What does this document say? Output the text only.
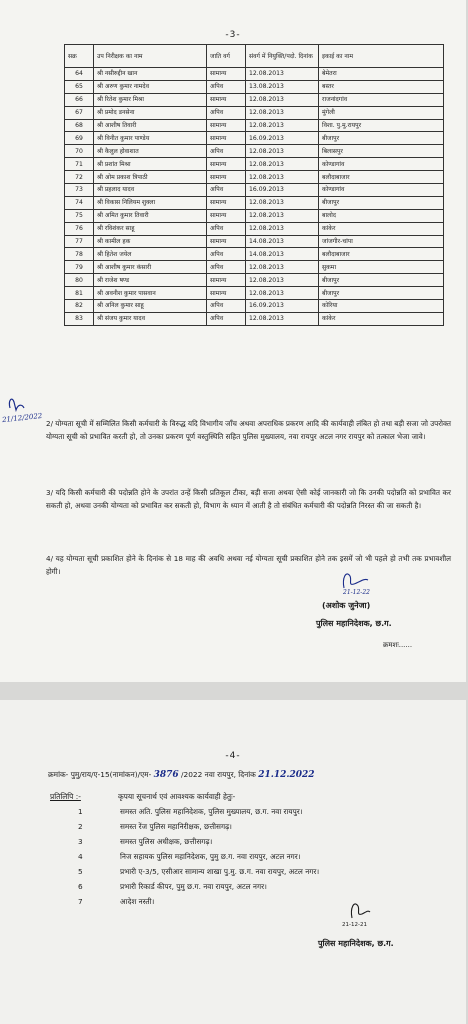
-3-
सक्र	उप निरीक्षक का नाम	जाति वर्ग	संवर्ग में नियुक्ति/पदो. दिनांक	इकाई का नाम
64	श्री नसीरुद्दीन खान	सामान्य	12.08.2013	बेमेतरा
65	श्री अरुण कुमार नामदेव	अपिव	13.08.2013	बस्तर
66	श्री रितेश कुमार मिश्रा	सामान्य	12.08.2013	राजनांदगांव
67	श्री प्रमोद डनसेना	अपिव	12.08.2013	मुंगेली
68	श्री आशीष तिवारी	सामान्य	12.08.2013	विशा. पु.मु.रायपुर
69	श्री विनीत कुमार पाण्डेय	सामान्य	16.09.2013	बीजापुर
70	श्री कैलुल होवाशात	अपिव	12.08.2013	बिलासपुर
71	श्री प्रशांत मिश्रा	सामान्य	12.08.2013	कोण्डागांव
72	श्री ओम प्रकाश त्रिपाठी	सामान्य	12.08.2013	बलौदाबाजार
73	श्री प्रहलाद यादव	अपिव	16.09.2013	कोण्डागांव
74	श्री विकास निलियम शुक्ला	सामान्य	12.08.2013	बीजापुर
75	श्री अमित कुमार तिवारी	सामान्य	12.08.2013	बालोद
76	श्री रविशंकर साहू	अपिव	12.08.2013	कांकेर
77	श्री कामील हक	सामान्य	14.08.2013	जांजगीर-चांपा
78	श्री हितेश जयेल	अपिव	14.08.2013	बलौदाबाजार
79	श्री आशीष कुमार कंसारी	अपिव	12.08.2013	सुकमा
80	श्री राजेश षण्ड	सामान्य	12.08.2013	बीजापुर
81	श्री अवनीश कुमार पासवान	सामान्य	12.08.2013	बीजापुर
82	श्री अनिल कुमार साहू	अपिव	16.09.2013	कोरिया
83	श्री संजय कुमार यादव	अपिव	12.08.2013	कांकेर
21/12/2022 2/ योग्यता सूची में सम्मिलित किसी कर्मचारी के विरुद्ध यदि विभागीय जाँच अथवा अपराधिक प्रकरण आदि की कार्यवाही लंबित हो तथा बड़ी सजा जो उपरोक्त योग्यता सूची को प्रभावित करती हो, तो उनका प्रकरण पूर्ण वस्तुस्थिति सहित पुलिस मुख्यालय, नवा रायपुर अटल नगर रायपुर को तत्काल भेजा जावे।
3/ यदि किसी कर्मचारी की पदोन्नति होने के उपरांत उन्हें किसी प्रतिकूल टीका, बड़ी सजा अथवा ऐसी कोई जानकारी जो कि उनकी पदोन्नति को प्रभावित कर सकती हो, अथवा उनकी योग्यता को प्रभावित कर सकती हो, विभाग के ध्यान में आती है तो संबंधित कर्मचारी की पदोन्नति निरस्त की जा सकती है।
4/ यह योग्यता सूची प्रकाशित होने के दिनांक से 18 माह की अवधि अथवा नई योग्यता सूची प्रकाशित होने तक इसमें जो भी पहले हो तभी तक प्रभावशील होगी।
21-12-22
(अशोक जुनेजा)
पुलिस महानिदेशक, छ.ग.
क्रमशः......
-4-
क्रमांक- पुमु/राय/ए-15(नामांकन)/एम- 3876 /2022 नवा रायपुर, दिनांक 21.12.2022
प्रतिलिपि :-	कृपया सूचनार्थ एवं आवश्यक कार्यवाही हेतुः-
1	समस्त अति. पुलिस महानिदेशक, पुलिस मुख्यालय, छ.ग. नवा रायपुर।
2	समस्त रेंज पुलिस महानिरीक्षक, छत्तीसगढ़।
3	समस्त पुलिस अधीक्षक, छत्तीसगढ़।
4	निज सहायक पुलिस महानिदेशक, पुमु छ.ग. नवा रायपुर, अटल नगर।
5	प्रभारी ए-3/5, एसीआर सामान्य शाखा पु.मु. छ.ग. नवा रायपुर, अटल नगर।
6	प्रभारी रिकार्ड कीपर, पुमु छ.ग. नवा रायपुर, अटल नगर।
7	आदेश नस्ती।
21-12-21
पुलिस महानिदेशक, छ.ग.
